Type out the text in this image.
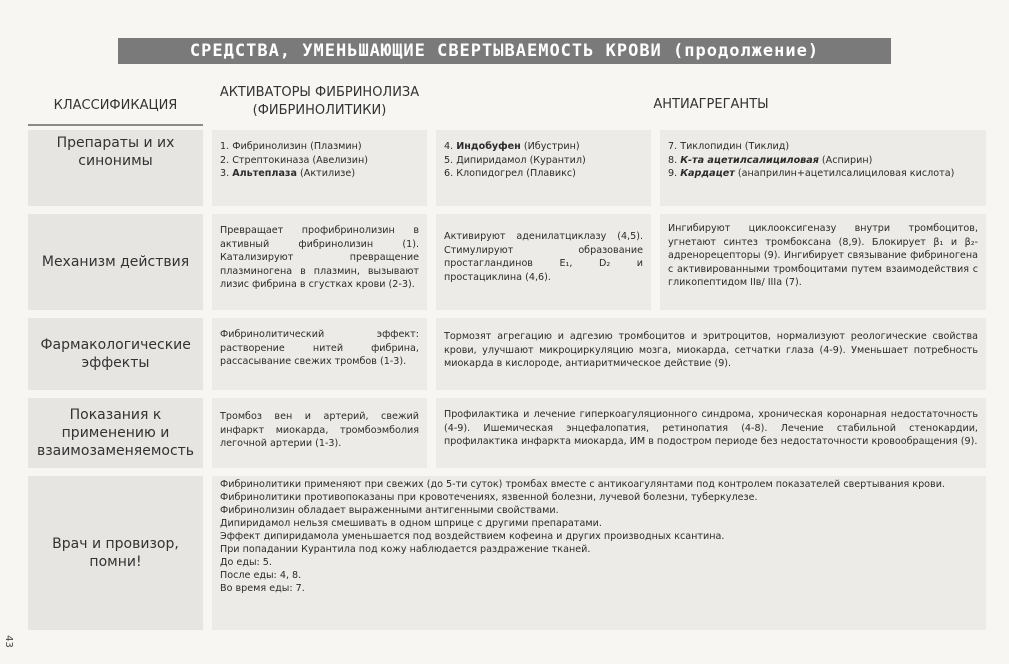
СРЕДСТВА, УМЕНЬШАЮЩИЕ СВЕРТЫВАЕМОСТЬ КРОВИ (продолжение)
КЛАССИФИКАЦИЯ
АКТИВАТОРЫ ФИБРИНОЛИЗА
(ФИБРИНОЛИТИКИ)	АНТИАГРЕГАНТЫ
Препараты и их синонимы

1. Фибринолизин (Плазмин)

2. Стрептокиназа (Авелизин)

3. Альтеплаза (Актилизе)

4. Индобуфен (Ибустрин)

5. Дипиридамол (Курантил)

6. Клопидогрел (Плавикс)

7. Тиклопидин (Тиклид)

8. К-та ацетилсалициловая (Аспирин)

9. Кардацет (анаприлин+ацетилсалициловая кислота)

Механизм действия

Превращает профибринолизин в активный фибринолизин (1). Катализируют превращение плазминогена в плазмин, вызывают лизис фибрина в сгустках крови (2-3).

Активируют аденилатциклазу (4,5). Стимулируют образование простагландинов E₁, D₂ и простациклина (4,6).

Ингибируют циклооксигеназу внутри тромбоцитов, угнетают синтез тромбоксана (8,9). Блокирует β₁ и β₂-адренорецепторы (9). Ингибирует связывание фибриногена с активированными тромбоцитами путем взаимодействия с гликопептидом IIв/ IIIa (7).

Фармакологические эффекты

Фибринолитический эффект: растворение нитей фибрина, рассасывание свежих тромбов (1-3).

Тормозят агрегацию и адгезию тромбоцитов и эритроцитов, нормализуют реологические свойства крови, улучшают микроциркуляцию мозга, миокарда, сетчатки глаза (4-9). Уменьшает потребность миокарда в кислороде, антиаритмическое действие (9).

Показания к применению и взаимозаменяемость

Тромбоз вен и артерий, свежий инфаркт миокарда, тромбоэмболия легочной артерии (1-3).

Профилактика и лечение гиперкоагуляционного синдрома, хроническая коронарная недостаточность (4-9). Ишемическая энцефалопатия, ретинопатия (4-8). Лечение стабильной стенокардии, профилактика инфаркта миокарда, ИМ в подостром периоде без недостаточности кровообращения (9).

Врач и провизор, помни!

Фибринолитики применяют при свежих (до 5-ти суток) тромбах вместе с антикоагулянтами под контролем показателей свертывания крови.

Фибринолитики противопоказаны при кровотечениях, язвенной болезни, лучевой болезни, туберкулезе.

Фибринолизин обладает выраженными антигенными свойствами.

Дипиридамол нельзя смешивать в одном шприце с другими препаратами.

Эффект дипиридамола уменьшается под воздействием кофеина и других производных ксантина.

При попадании Курантила под кожу наблюдается раздражение тканей.

До еды: 5.

После еды: 4, 8.

Во время еды: 7.

43
